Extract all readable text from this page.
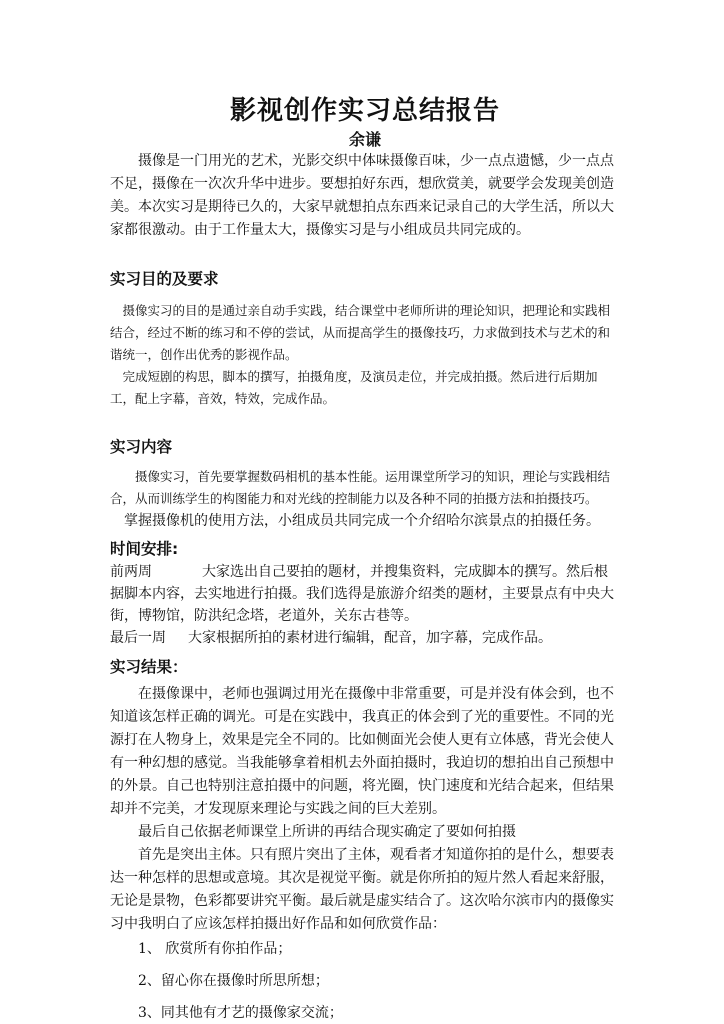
影视创作实习总结报告
余谦

摄像是一门用光的艺术，光影交织中体味摄像百味，少一点点遗憾，少一点点不足，摄像在一次次升华中进步。要想拍好东西，想欣赏美，就要学会发现美创造美。本次实习是期待已久的，大家早就想拍点东西来记录自己的大学生活，所以大家都很激动。由于工作量太大，摄像实习是与小组成员共同完成的。

实习目的及要求

摄像实习的目的是通过亲自动手实践，结合课堂中老师所讲的理论知识，把理论和实践相结合，经过不断的练习和不停的尝试，从而提高学生的摄像技巧，力求做到技术与艺术的和谐统一，创作出优秀的影视作品。

完成短剧的构思，脚本的撰写，拍摄角度，及演员走位，并完成拍摄。然后进行后期加工，配上字幕，音效，特效，完成作品。

实习内容

摄像实习，首先要掌握数码相机的基本性能。运用课堂所学习的知识，理论与实践相结合，从而训练学生的构图能力和对光线的控制能力以及各种不同的拍摄方法和拍摄技巧。

掌握摄像机的使用方法，小组成员共同完成一个介绍哈尔滨景点的拍摄任务。

时间安排:
前两周	大家选出自己要拍的题材，并搜集资料，完成脚本的撰写。然后根据脚本内容，去实地进行拍摄。我们选得是旅游介绍类的题材，主要景点有中央大街，博物馆，防洪纪念塔，老道外，关东古巷等。
最后一周 大家根据所拍的素材进行编辑，配音，加字幕，完成作品。
实习结果：

在摄像课中，老师也强调过用光在摄像中非常重要，可是并没有体会到，也不知道该怎样正确的调光。可是在实践中，我真正的体会到了光的重要性。不同的光源打在人物身上，效果是完全不同的。比如侧面光会使人更有立体感，背光会使人有一种幻想的感觉。当我能够拿着相机去外面拍摄时，我迫切的想拍出自己预想中的外景。自己也特别注意拍摄中的问题，将光圈，快门速度和光结合起来，但结果却并不完美，才发现原来理论与实践之间的巨大差别。

最后自己依据老师课堂上所讲的再结合现实确定了要如何拍摄

首先是突出主体。只有照片突出了主体，观看者才知道你拍的是什么，想要表达一种怎样的思想或意境。其次是视觉平衡。就是你所拍的短片然人看起来舒服，无论是景物，色彩都要讲究平衡。最后就是虚实结合了。这次哈尔滨市内的摄像实习中我明白了应该怎样拍摄出好作品和如何欣赏作品：

1、 欣赏所有你拍作品；
2、留心你在摄像时所思所想；
3、同其他有才艺的摄像家交流；
